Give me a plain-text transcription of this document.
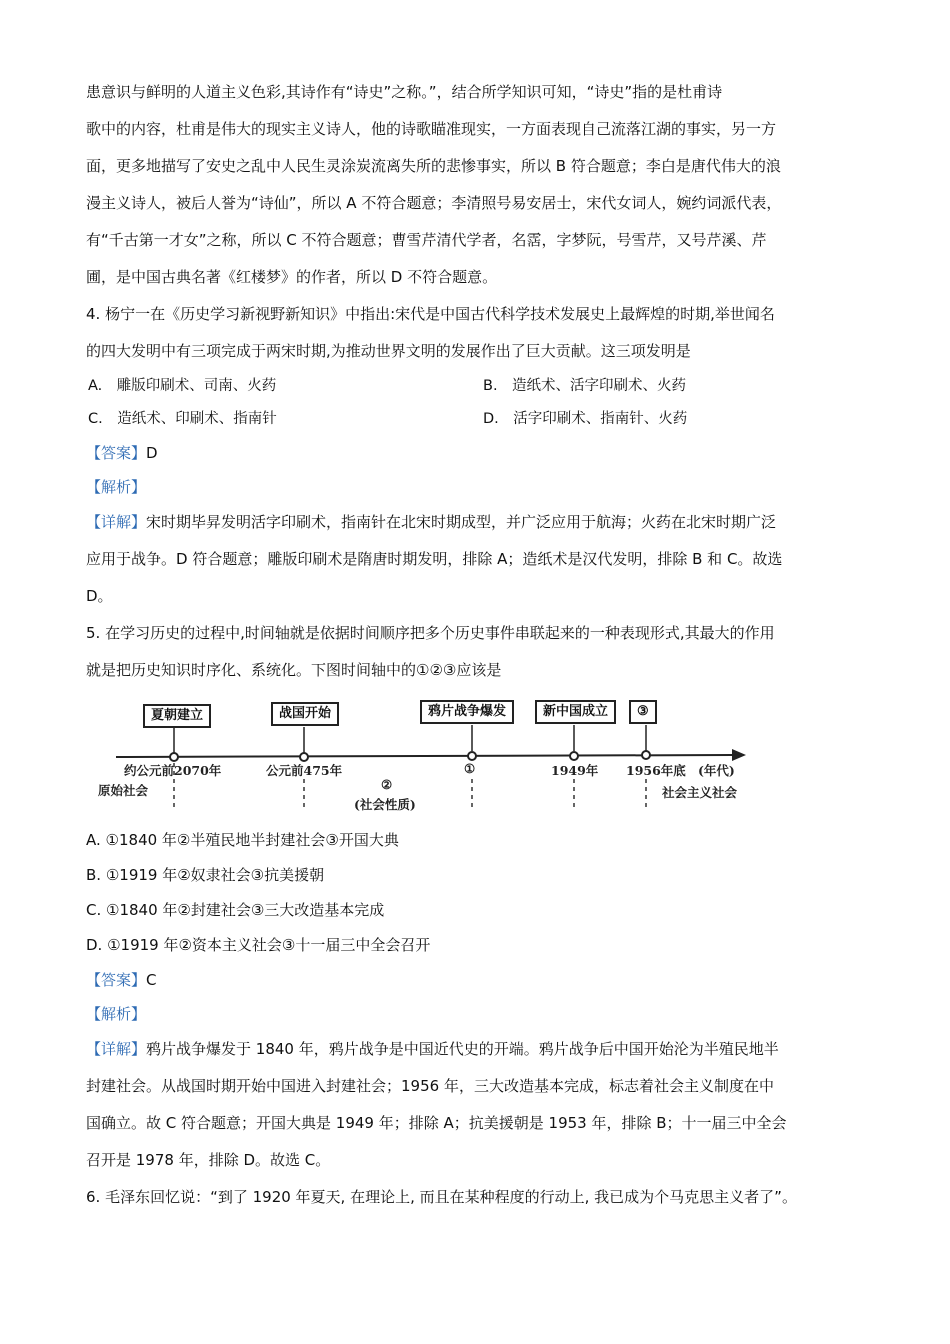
患意识与鲜明的人道主义色彩,其诗作有“诗史”之称。”，结合所学知识可知，“诗史”指的是杜甫诗

歌中的内容，杜甫是伟大的现实主义诗人，他的诗歌瞄准现实，一方面表现自己流落江湖的事实，另一方

面，更多地描写了安史之乱中人民生灵涂炭流离失所的悲惨事实，所以 B 符合题意；李白是唐代伟大的浪

漫主义诗人，被后人誉为“诗仙”，所以 A 不符合题意；李清照号易安居士，宋代女词人，婉约词派代表，

有“千古第一才女”之称，所以 C 不符合题意；曹雪芹清代学者，名霑，字梦阮，号雪芹，又号芹溪、芹

圃，是中国古典名著《红楼梦》的作者，所以 D 不符合题意。

4. 杨宁一在《历史学习新视野新知识》中指出:宋代是中国古代科学技术发展史上最辉煌的时期,举世闻名

的四大发明中有三项完成于两宋时期,为推动世界文明的发展作出了巨大贡献。这三项发明是

A.　雕版印刷术、司南、火药	B.　造纸术、活字印刷术、火药
C.　造纸术、印刷术、指南针	D.　活字印刷术、指南针、火药

【答案】D

【解析】

【详解】宋时期毕昇发明活字印刷术，指南针在北宋时期成型，并广泛应用于航海；火药在北宋时期广泛

应用于战争。D 符合题意；雕版印刷术是隋唐时期发明，排除 A；造纸术是汉代发明，排除 B 和 C。故选

D。

5. 在学习历史的过程中,时间轴就是依据时间顺序把多个历史事件串联起来的一种表现形式,其最大的作用

就是把历史知识时序化、系统化。下图时间轴中的①②③应该是

夏朝建立	战国开始	鸦片战争爆发	新中国成立	③
约公元前2070年	公元前475年	①	1949年 1956年底 (年代)
原始社会	②
(社会性质)
社会主义社会

A. ①1840 年②半殖民地半封建社会③开国大典

B. ①1919 年②奴隶社会③抗美援朝

C. ①1840 年②封建社会③三大改造基本完成

D. ①1919 年②资本主义社会③十一届三中全会召开

【答案】C

【解析】

【详解】鸦片战争爆发于 1840 年，鸦片战争是中国近代史的开端。鸦片战争后中国开始沦为半殖民地半

封建社会。从战国时期开始中国进入封建社会；1956 年，三大改造基本完成，标志着社会主义制度在中

国确立。故 C 符合题意；开国大典是 1949 年；排除 A；抗美援朝是 1953 年，排除 B；十一届三中全会

召开是 1978 年，排除 D。故选 C。

6. 毛泽东回忆说：“到了 1920 年夏天, 在理论上, 而且在某种程度的行动上, 我已成为个马克思主义者了”。
